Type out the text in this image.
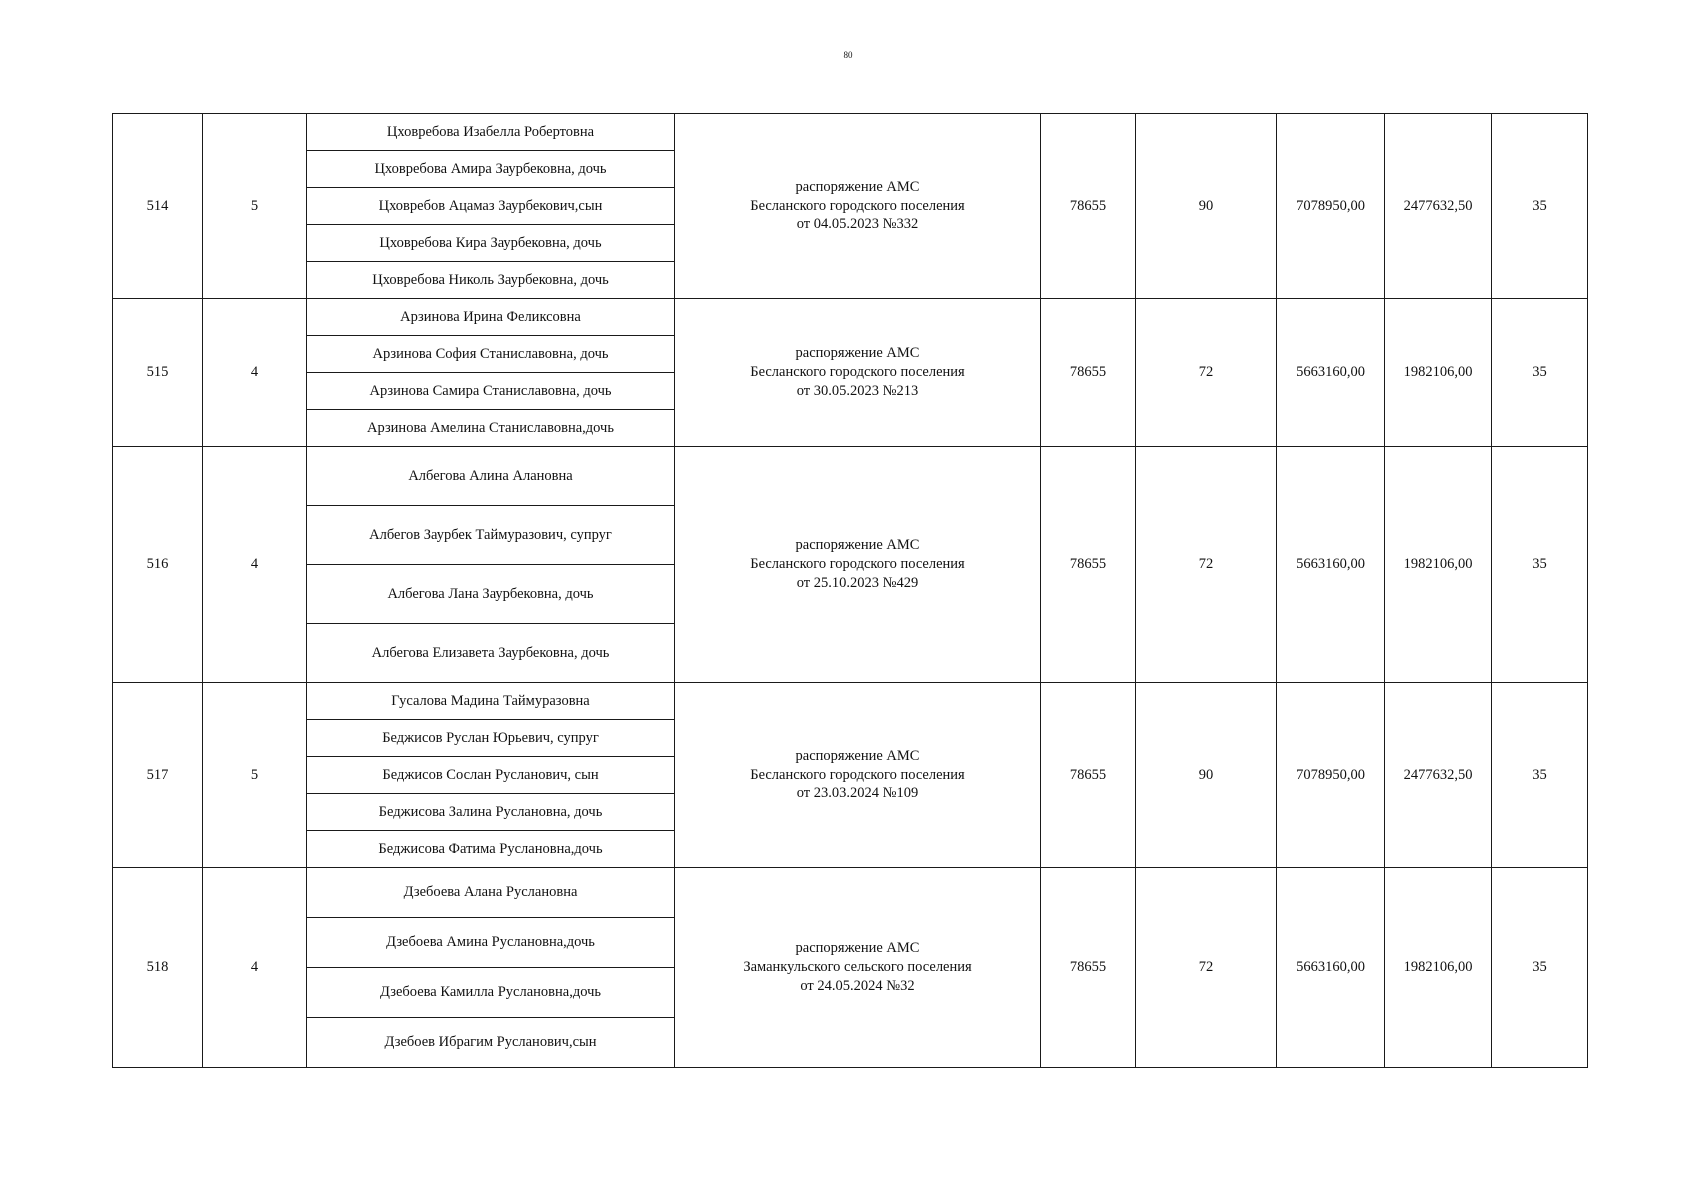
80
514	5	Цховребова Изабелла Робертовна	распоряжение АМС
Бесланского городского поселения
от 04.05.2023 №332	78655	90	7078950,00	2477632,50	35
		Цховребова Амира Заурбековна, дочь						
		Цховребов Ацамаз Заурбекович,сын						
		Цховребова Кира Заурбековна, дочь						
		Цховребова Николь Заурбековна, дочь						
515	4	Арзинова Ирина Феликсовна	распоряжение АМС
Бесланского городского поселения
от 30.05.2023 №213	78655	72	5663160,00	1982106,00	35
		Арзинова София Станиславовна, дочь						
		Арзинова Самира Станиславовна, дочь						
		Арзинова Амелина Станиславовна,дочь						
516	4	Албегова Алина Алановна	распоряжение АМС
Бесланского городского поселения
от 25.10.2023 №429	78655	72	5663160,00	1982106,00	35
		Албегов Заурбек Таймуразович, супруг						
		Албегова Лана Заурбековна, дочь						
		Албегова Елизавета Заурбековна, дочь						
517	5	Гусалова Мадина Таймуразовна	распоряжение АМС
Бесланского городского поселения
от 23.03.2024 №109	78655	90	7078950,00	2477632,50	35
		Беджисов Руслан Юрьевич, супруг						
		Беджисов Сослан Русланович, сын						
		Беджисова Залина Руслановна, дочь						
		Беджисова Фатима Руслановна,дочь						
518	4	Дзебоева Алана Руслановна	распоряжение АМС
Заманкульского сельского поселения
от 24.05.2024 №32	78655	72	5663160,00	1982106,00	35
		Дзебоева Амина Руслановна,дочь						
		Дзебоева Камилла Руслановна,дочь						
		Дзебоев Ибрагим Русланович,сын						
